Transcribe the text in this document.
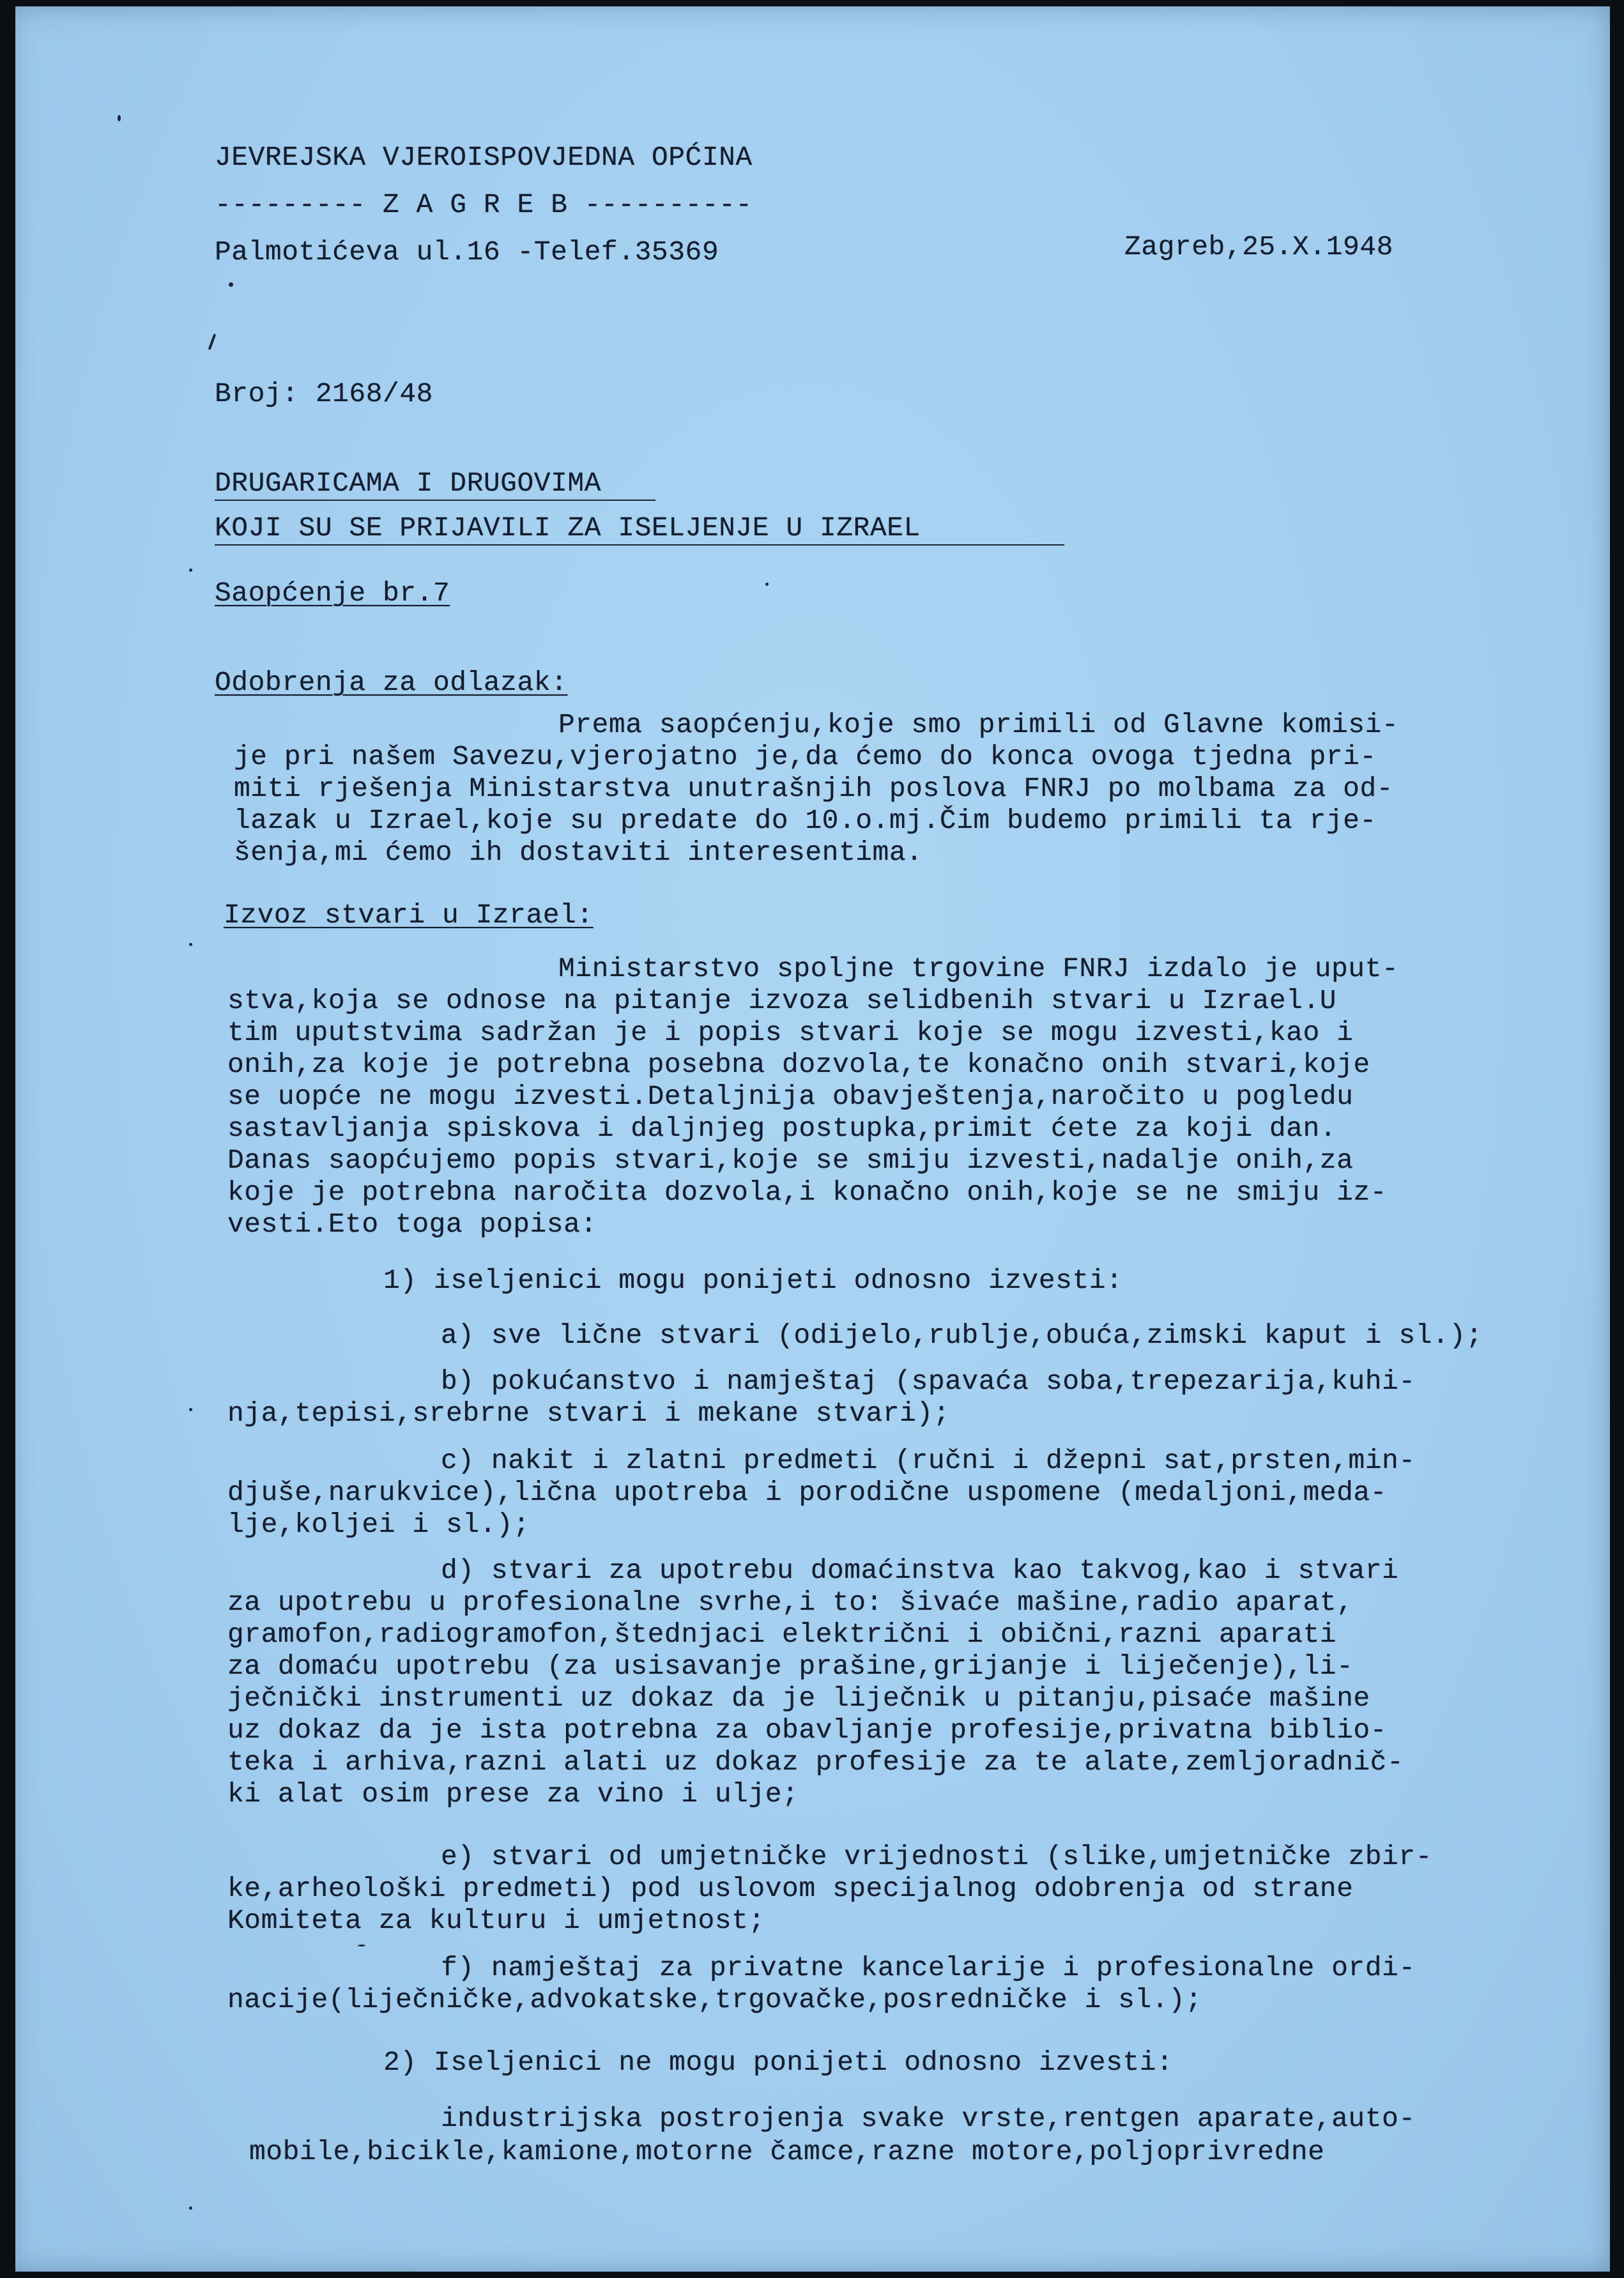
JEVREJSKA VJEROISPOVJEDNA OPĆINA
--------- Z A G R E B ----------
Palmotićeva ul.16 -Telef.35369	Zagreb,25.X.1948
Broj: 2168/48
DRUGARICAMA I DRUGOVIMA
KOJI SU SE PRIJAVILI ZA ISELJENJE U IZRAEL
Saopćenje br.7
Odobrenja za odlazak:
Prema saopćenju,koje smo primili od Glavne komisi-
je pri našem Savezu,vjerojatno je,da ćemo do konca ovoga tjedna pri-
miti rješenja Ministarstva unutrašnjih poslova FNRJ po molbama za od-
lazak u Izrael,koje su predate do 10.o.mj.Čim budemo primili ta rje-
šenja,mi ćemo ih dostaviti interesentima.
Izvoz stvari u Izrael:
Ministarstvo spoljne trgovine FNRJ izdalo je uput-
stva,koja se odnose na pitanje izvoza selidbenih stvari u Izrael.U
tim uputstvima sadržan je i popis stvari koje se mogu izvesti,kao i
onih,za koje je potrebna posebna dozvola,te konačno onih stvari,koje
se uopće ne mogu izvesti.Detaljnija obavještenja,naročito u pogledu
sastavljanja spiskova i daljnjeg postupka,primit ćete za koji dan.
Danas saopćujemo popis stvari,koje se smiju izvesti,nadalje onih,za
koje je potrebna naročita dozvola,i konačno onih,koje se ne smiju iz-
vesti.Eto toga popisa:
1) iseljenici mogu ponijeti odnosno izvesti:
a) sve lične stvari (odijelo,rublje,obuća,zimski kaput i sl.);
b) pokućanstvo i namještaj (spavaća soba,trepezarija,kuhi-
nja,tepisi,srebrne stvari i mekane stvari);
c) nakit i zlatni predmeti (ručni i džepni sat,prsten,min-
djuše,narukvice),lična upotreba i porodične uspomene (medaljoni,meda-
lje,koljei i sl.);
d) stvari za upotrebu domaćinstva kao takvog,kao i stvari
za upotrebu u profesionalne svrhe,i to: šivaće mašine,radio aparat,
gramofon,radiogramofon,štednjaci električni i obični,razni aparati
za domaću upotrebu (za usisavanje prašine,grijanje i liječenje),li-
ječnički instrumenti uz dokaz da je liječnik u pitanju,pisaće mašine
uz dokaz da je ista potrebna za obavljanje profesije,privatna biblio-
teka i arhiva,razni alati uz dokaz profesije za te alate,zemljoradnič-
ki alat osim prese za vino i ulje;
e) stvari od umjetničke vrijednosti (slike,umjetničke zbir-
ke,arheološki predmeti) pod uslovom specijalnog odobrenja od strane
Komiteta za kulturu i umjetnost;
f) namještaj za privatne kancelarije i profesionalne ordi-
nacije(liječničke,advokatske,trgovačke,posredničke i sl.);
2) Iseljenici ne mogu ponijeti odnosno izvesti:
industrijska postrojenja svake vrste,rentgen aparate,auto-
mobile,bicikle,kamione,motorne čamce,razne motore,poljoprivredne
